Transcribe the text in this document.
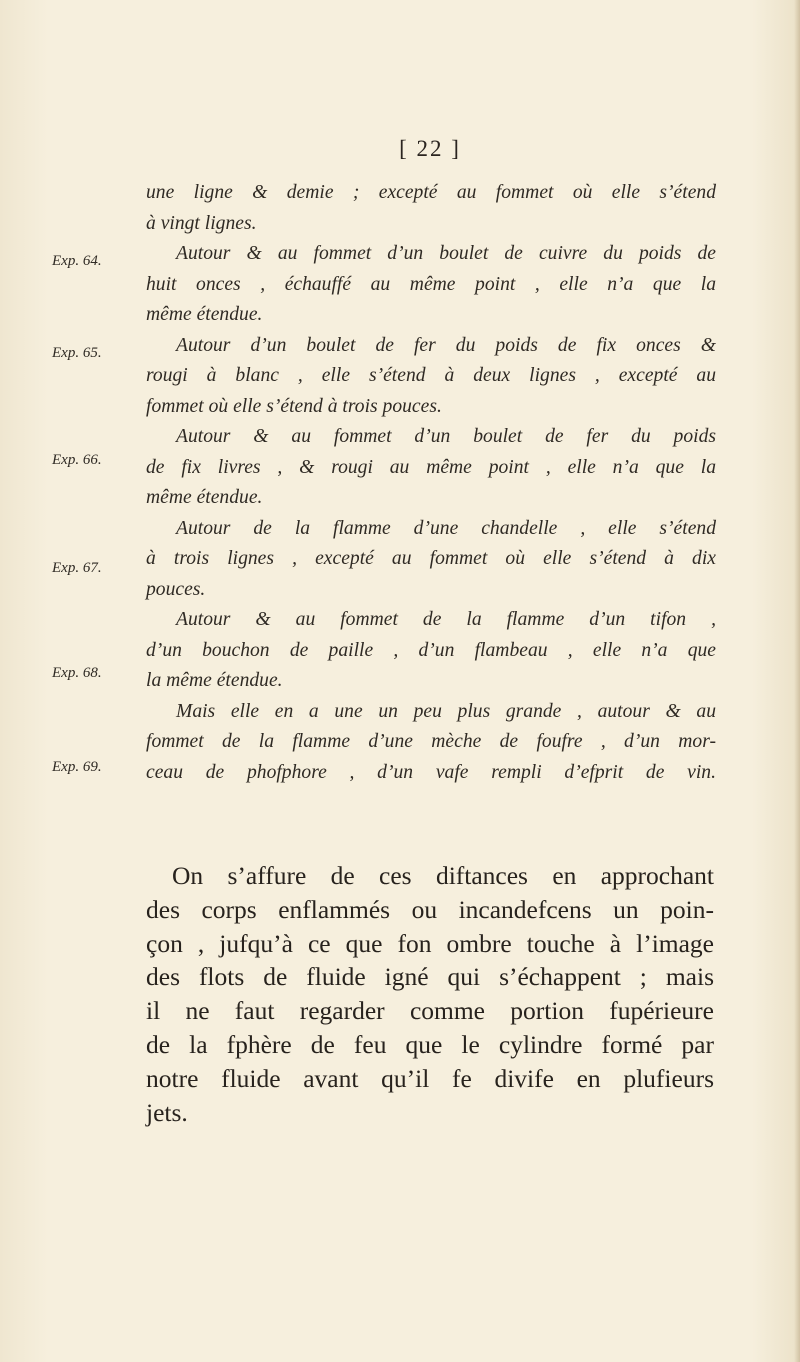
[ 22 ]
Exp. 64.
Exp. 65.
Exp. 66.
Exp. 67.
Exp. 68.
Exp. 69.
une ligne & demie ; excepté au fommet où elle s’étend
à vingt lignes.
Autour & au fommet d’un boulet de cuivre du poids de
huit onces , échauffé au même point , elle n’a que la
même étendue.
Autour d’un boulet de fer du poids de fix onces &
rougi à blanc , elle s’étend à deux lignes , excepté au
fommet où elle s’étend à trois pouces.
Autour & au fommet d’un boulet de fer du poids
de fix livres , & rougi au même point , elle n’a que la
même étendue.
Autour de la flamme d’une chandelle , elle s’étend
à trois lignes , excepté au fommet où elle s’étend à dix
pouces.
Autour & au fommet de la flamme d’un tifon ,
d’un bouchon de paille , d’un flambeau , elle n’a que
la même étendue.
Mais elle en a une un peu plus grande , autour & au
fommet de la flamme d’une mèche de foufre , d’un mor-
ceau de phofphore , d’un vafe rempli d’efprit de vin.
On s’affure de ces diftances en approchant
des corps enflammés ou incandefcens un poin-
çon , jufqu’à ce que fon ombre touche à l’image
des flots de fluide igné qui s’échappent ; mais
il ne faut regarder comme portion fupérieure
de la fphère de feu que le cylindre formé par
notre fluide avant qu’il fe divife en plufieurs
jets.
